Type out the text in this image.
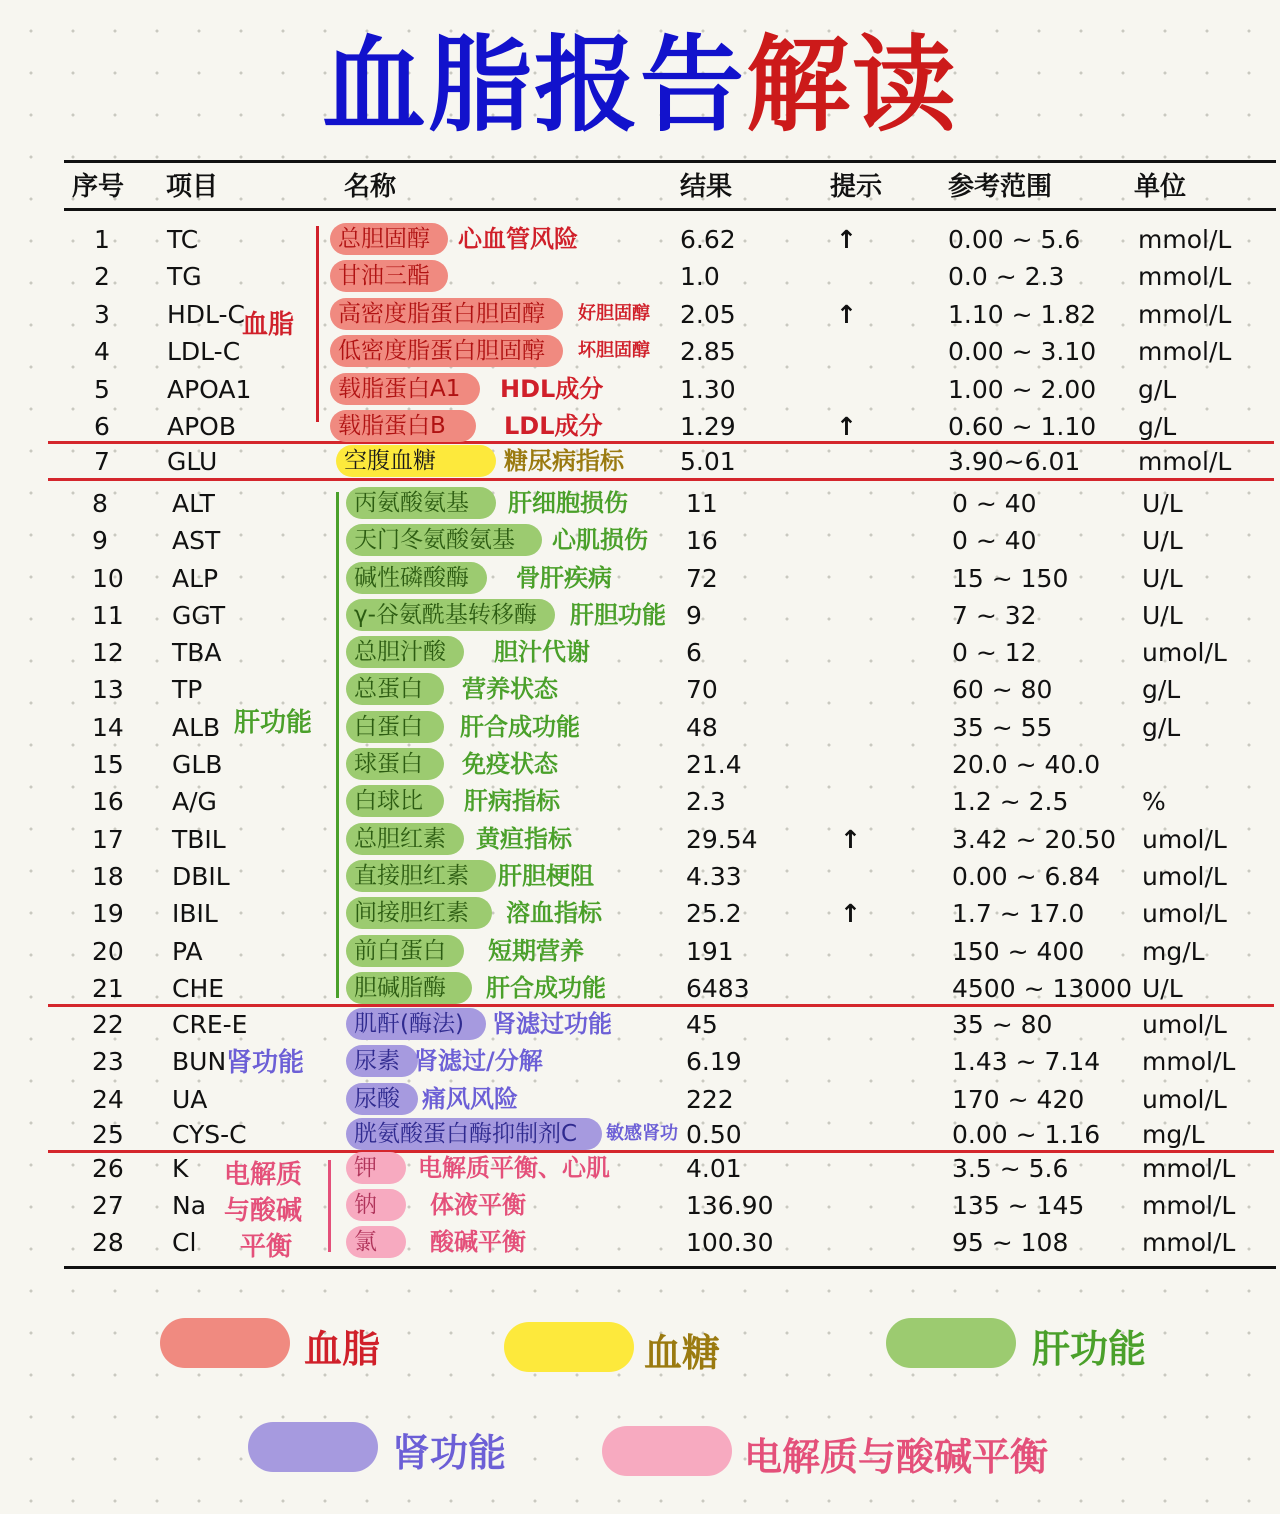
血脂报告解读
序号 项目	名称	结果	提示	参考范围	单位
血脂
肝功能
肾功能
电解质
与酸碱
平衡
血脂	血糖	肝功能
肾功能	电解质与酸碱平衡
1 TC	总胆固醇	心血管风险	6.62	↑	0.00 ~ 5.6 mmol/L
2 TG	甘油三酯	1.0	0.0 ~ 2.3	mmol/L
3 HDL-C	高密度脂蛋白胆固醇	好胆固醇 2.05	↑	1.10 ~ 1.82 mmol/L
4 LDL-C	低密度脂蛋白胆固醇	坏胆固醇 2.85	0.00 ~ 3.10 mmol/L
5 APOA1	载脂蛋白A1	HDL成分	1.30	1.00 ~ 2.00 g/L
6 APOB	载脂蛋白B	LDL成分	1.29	↑	0.60 ~ 1.10 g/L
7 GLU	空腹血糖	糖尿病指标 5.01	3.90~6.01 mmol/L
8	ALT	丙氨酸氨基	肝细胞损伤 11	0 ~ 40	U/L
9	AST	天门冬氨酸氨基	心肌损伤 16	0 ~ 40	U/L
10 ALP	碱性磷酸酶	骨肝疾病	72	15 ~ 150	U/L
11 GGT	γ-谷氨酰基转移酶	肝胆功能 9	7 ~ 32	U/L
12 TBA	总胆汁酸	胆汁代谢	6	0 ~ 12	umol/L
13 TP	总蛋白	营养状态	70	60 ~ 80	g/L
14 ALB	白蛋白	肝合成功能	48	35 ~ 55	g/L
15 GLB	球蛋白	免疫状态	21.4	20.0 ~ 40.0
16 A/G	白球比	肝病指标	2.3	1.2 ~ 2.5	%
17 TBIL	总胆红素	黄疸指标	29.54	↑	3.42 ~ 20.50 umol/L
18 DBIL	直接胆红素	肝胆梗阻	4.33	0.00 ~ 6.84 umol/L
19 IBIL	间接胆红素	溶血指标	25.2	↑	1.7 ~ 17.0 umol/L
20 PA	前白蛋白	短期营养	191	150 ~ 400 mg/L
21 CHE	胆碱脂酶	肝合成功能	6483	4500 ~ 13000 U/L
22 CRE-E	肌酐(酶法)	肾滤过功能	45	35 ~ 80	umol/L
23 BUN	尿素 肾滤过/分解	6.19	1.43 ~ 7.14 mmol/L
24 UA	尿酸 痛风风险	222	170 ~ 420 umol/L
25 CYS-C	胱氨酸蛋白酶抑制剂C	敏感肾功 0.50	0.00 ~ 1.16 mg/L
26 K	钾	电解质平衡、心肌	4.01	3.5 ~ 5.6	mmol/L
27 Na	钠	体液平衡	136.90	135 ~ 145 mmol/L
28 Cl	氯	酸碱平衡	100.30	95 ~ 108	mmol/L
